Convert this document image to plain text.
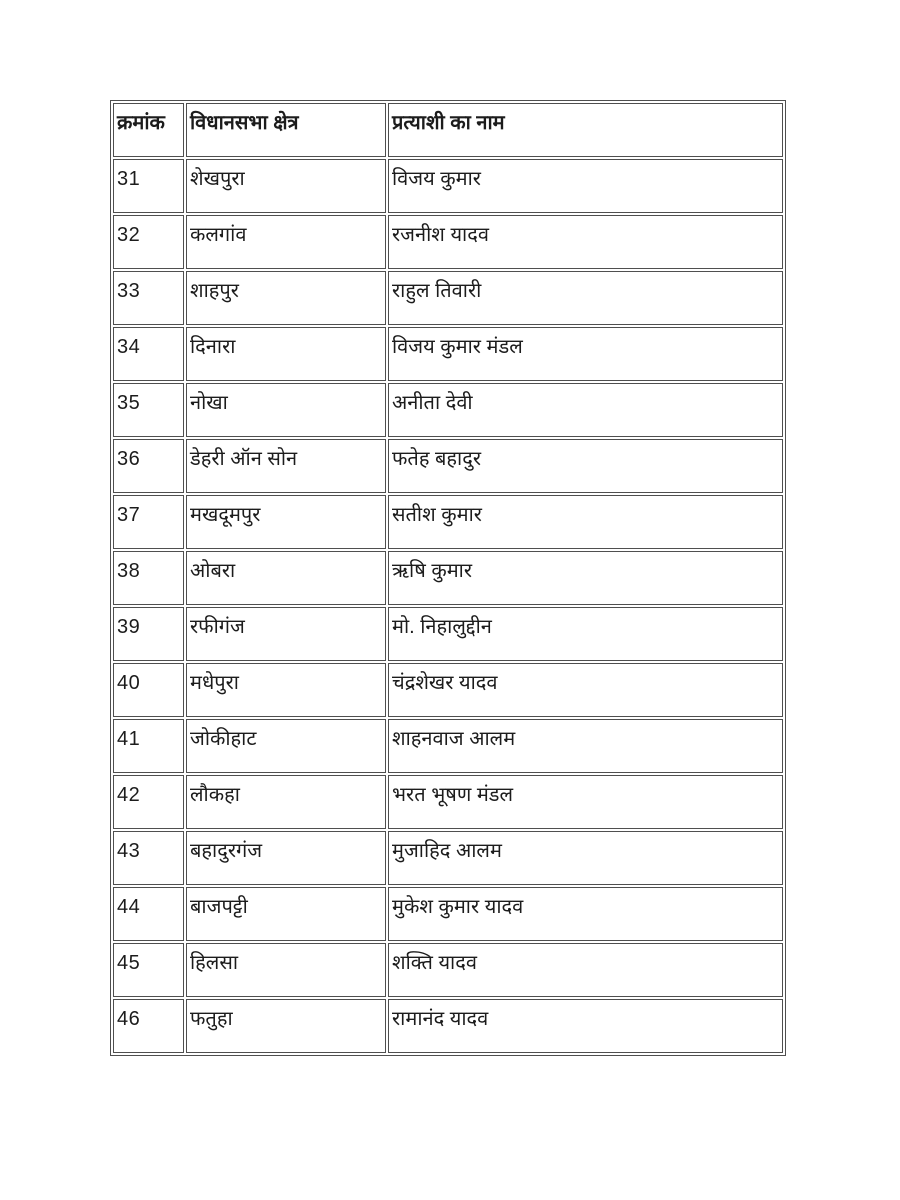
क्रमांक	विधानसभा क्षेत्र	प्रत्याशी का नाम
31	शेखपुरा	विजय कुमार
32	कलगांव	रजनीश यादव
33	शाहपुर	राहुल तिवारी
34	दिनारा	विजय कुमार मंडल
35	नोखा	अनीता देवी
36	डेहरी ऑन सोन	फतेह बहादुर
37	मखदूमपुर	सतीश कुमार
38	ओबरा	ऋषि कुमार
39	रफीगंज	मो. निहालुद्दीन
40	मधेपुरा	चंद्रशेखर यादव
41	जोकीहाट	शाहनवाज आलम
42	लौकहा	भरत भूषण मंडल
43	बहादुरगंज	मुजाहिद आलम
44	बाजपट्टी	मुकेश कुमार यादव
45	हिलसा	शक्ति यादव
46	फतुहा	रामानंद यादव
